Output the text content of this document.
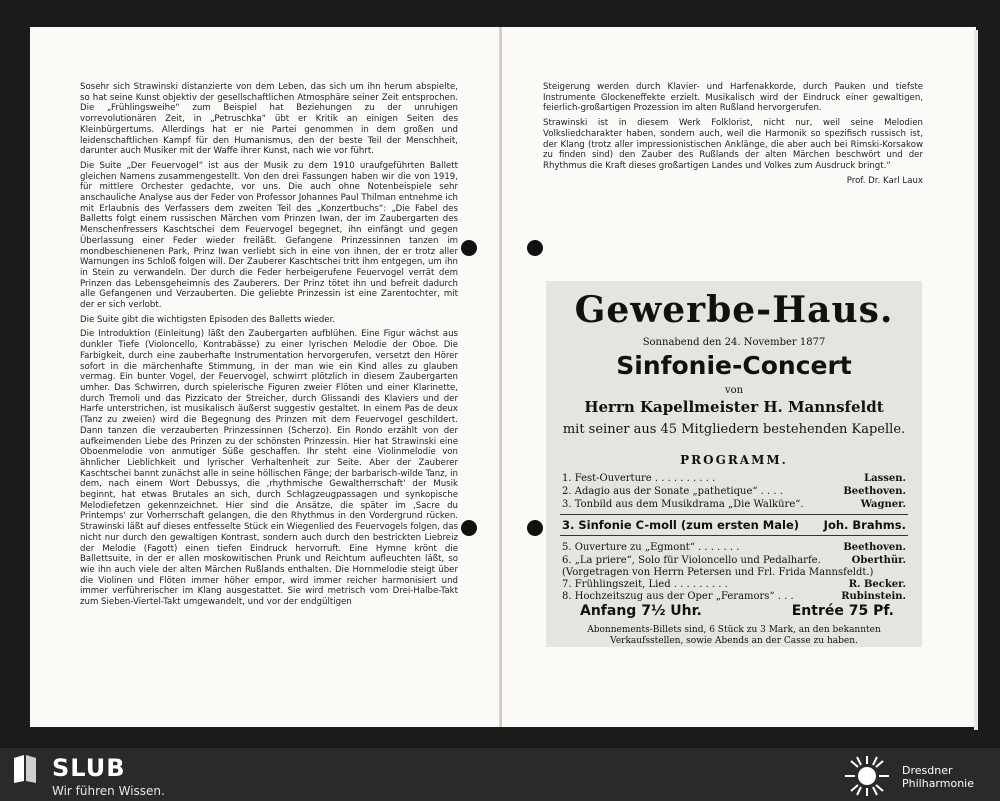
Sosehr sich Strawinski distanzierte von dem Leben, das sich um ihn herum abspielte, so hat seine Kunst objektiv der gesellschaftlichen Atmosphäre seiner Zeit entsprochen. Die „Frühlingsweihe“ zum Beispiel hat Beziehungen zu der unruhigen vorrevolutionären Zeit, in „Petruschka“ übt er Kritik an einigen Seiten des Kleinbürgertums. Allerdings hat er nie Partei genommen in dem großen und leidenschaftlichen Kampf für den Humanismus, den der beste Teil der Menschheit, darunter auch Musiker mit der Waffe ihrer Kunst, nach wie vor führt.

Die Suite „Der Feuervogel“ ist aus der Musik zu dem 1910 uraufgeführten Ballett gleichen Namens zusammengestellt. Von den drei Fassungen haben wir die von 1919, für mittlere Orchester gedachte, vor uns. Die auch ohne Notenbeispiele sehr anschauliche Analyse aus der Feder von Professor Johannes Paul Thilman entnehme ich mit Erlaubnis des Verfassers dem zweiten Teil des „Konzertbuchs“: „Die Fabel des Balletts folgt einem russischen Märchen vom Prinzen Iwan, der im Zaubergarten des Menschenfressers Kaschtschei dem Feuervogel begegnet, ihn einfängt und gegen Überlassung einer Feder wieder freiläßt. Gefangene Prinzessinnen tanzen im mondbeschienenen Park, Prinz Iwan verliebt sich in eine von ihnen, der er trotz aller Warnungen ins Schloß folgen will. Der Zauberer Kaschtschei tritt ihm entgegen, um ihn in Stein zu verwandeln. Der durch die Feder herbeigerufene Feuervogel verrät dem Prinzen das Lebensgeheimnis des Zauberers. Der Prinz tötet ihn und befreit dadurch alle Gefangenen und Verzauberten. Die geliebte Prinzessin ist eine Zarentochter, mit der er sich verlobt.

Die Suite gibt die wichtigsten Episoden des Balletts wieder.

Die Introduktion (Einleitung) läßt den Zaubergarten aufblühen. Eine Figur wächst aus dunkler Tiefe (Violoncello, Kontrabässe) zu einer lyrischen Melodie der Oboe. Die Farbigkeit, durch eine zauberhafte Instrumentation hervorgerufen, versetzt den Hörer sofort in die märchenhafte Stimmung, in der man wie ein Kind alles zu glauben vermag. Ein bunter Vogel, der Feuervogel, schwirrt plötzlich in diesem Zaubergarten umher. Das Schwirren, durch spielerische Figuren zweier Flöten und einer Klarinette, durch Tremoli und das Pizzicato der Streicher, durch Glissandi des Klaviers und der Harfe unterstrichen, ist musikalisch äußerst suggestiv gestaltet. In einem Pas de deux (Tanz zu zweien) wird die Begegnung des Prinzen mit dem Feuervogel geschildert. Dann tanzen die verzauberten Prinzessinnen (Scherzo). Ein Rondo erzählt von der aufkeimenden Liebe des Prinzen zu der schönsten Prinzessin. Hier hat Strawinski eine Oboenmelodie von anmutiger Süße geschaffen. Ihr steht eine Violinmelodie von ähnlicher Lieblichkeit und lyrischer Verhaltenheit zur Seite. Aber der Zauberer Kaschtschei bannt zunächst alle in seine höllischen Fänge; der barbarisch-wilde Tanz, in dem, nach einem Wort Debussys, die ‚rhythmische Gewaltherrschaft‘ der Musik beginnt, hat etwas Brutales an sich, durch Schlagzeugpassagen und synkopische Melodiefetzen gekennzeichnet. Hier sind die Ansätze, die später im ‚Sacre du Printemps‘ zur Vorherrschaft gelangen, die den Rhythmus in den Vordergrund rücken. Strawinski läßt auf dieses entfesselte Stück ein Wiegenlied des Feuervogels folgen, das nicht nur durch den gewaltigen Kontrast, sondern auch durch den bestrickten Liebreiz der Melodie (Fagott) einen tiefen Eindruck hervorruft. Eine Hymne krönt die Ballettsuite, in der er allen moskowitischen Prunk und Reichtum aufleuchten läßt, so wie ihn auch viele der alten Märchen Rußlands enthalten. Die Hornmelodie steigt über die Violinen und Flöten immer höher empor, wird immer reicher harmonisiert und immer verführerischer im Klang ausgestattet. Sie wird metrisch vom Drei-Halbe-Takt zum Sieben-Viertel-Takt umgewandelt, und vor der endgültigen

Steigerung werden durch Klavier- und Harfenakkorde, durch Pauken und tiefste Instrumente Glockeneffekte erzielt. Musikalisch wird der Eindruck einer gewaltigen, feierlich-großartigen Prozession im alten Rußland hervorgerufen.

Strawinski ist in diesem Werk Folklorist, nicht nur, weil seine Melodien Volksliedcharakter haben, sondern auch, weil die Harmonik so spezifisch russisch ist, der Klang (trotz aller impressionistischen Anklänge, die aber auch bei Rimski-Korsakow zu finden sind) den Zauber des Rußlands der alten Märchen beschwört und der Rhythmus die Kraft dieses großartigen Landes und Volkes zum Ausdruck bringt.“

Prof. Dr. Karl Laux
Gewerbe-Haus.
Sonnabend den 24. November 1877
Sinfonie-Concert
von
Herrn Kapellmeister H. Mannsfeldt
mit seiner aus 45 Mitgliedern bestehenden Kapelle.
PROGRAMM.
1. Fest-Ouverture . . . . . . . . . .	Lassen.
2. Adagio aus der Sonate „pathetique“ . . . .	Beethoven.
3. Tonbild aus dem Musikdrama „Die Walküre“.	Wagner.
3. Sinfonie C-moll (zum ersten Male) Joh. Brahms.
5. Ouverture zu „Egmont“ . . . . . . .	Beethoven.
6. „La priere“, Solo für Violoncello und Pedalharfe.	Oberthür.
(Vorgetragen von Herrn Petersen und Frl. Frida Mannsfeldt.)
7. Frühlingszeit, Lied . . . . . . . . .	R. Becker.
8. Hochzeitszug aus der Oper „Feramors“ . . .	Rubinstein.
Anfang 7½ Uhr.	Entrée 75 Pf.
Abonnements-Billets sind, 6 Stück zu 3 Mark, an den bekannten
Verkaufsstellen, sowie Abends an der Casse zu haben.
SLUB
Wir führen Wissen.
Dresdner
Philharmonie
